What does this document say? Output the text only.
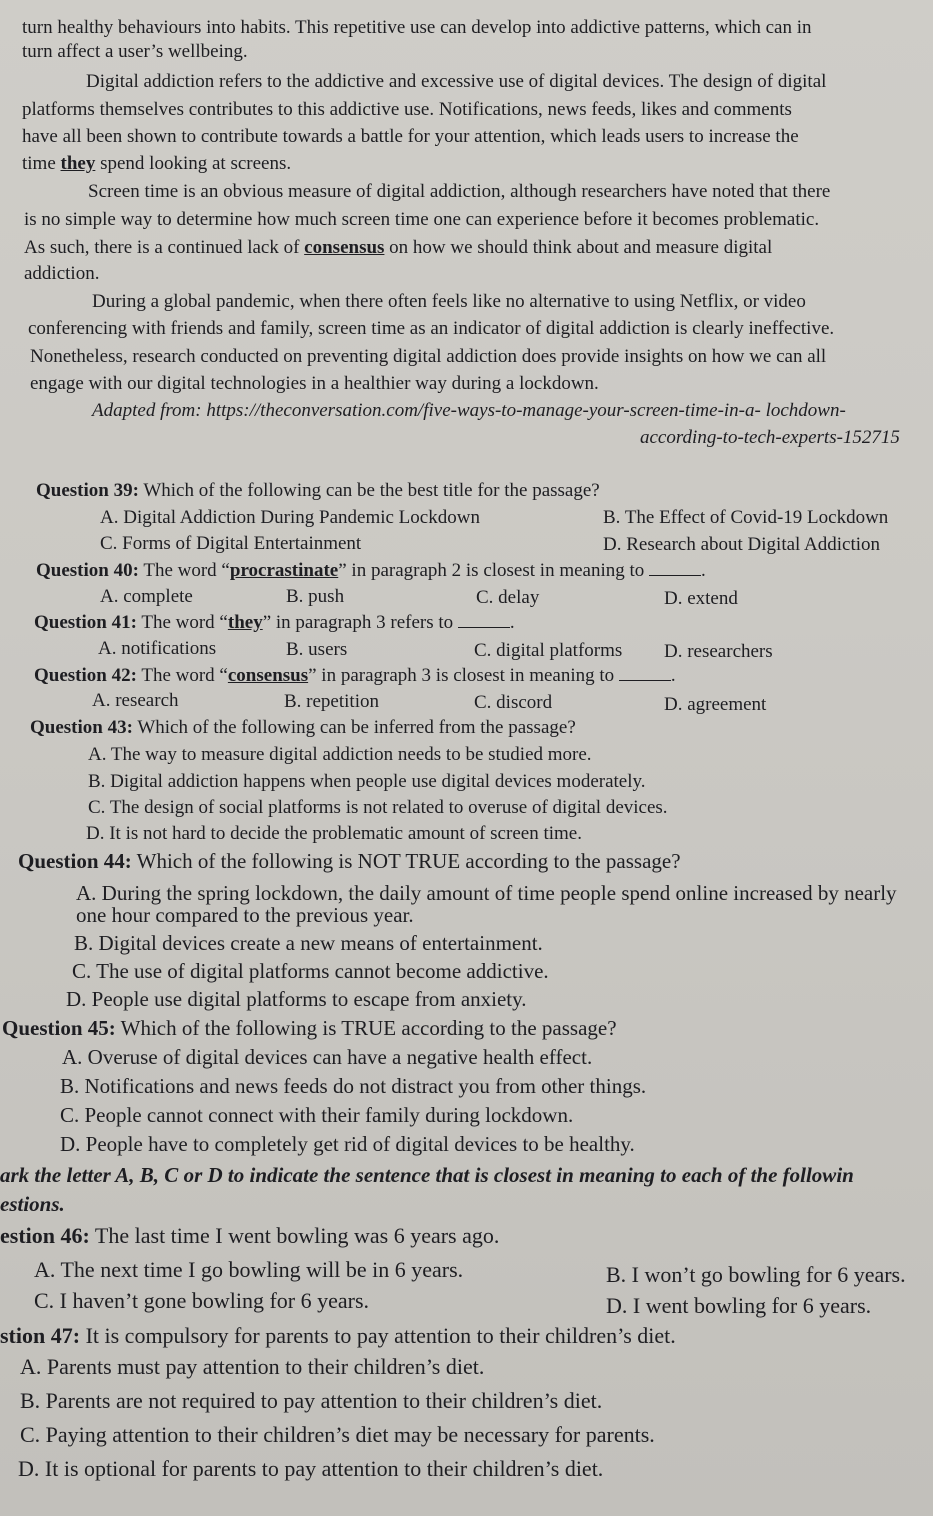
turn healthy behaviours into habits. This repetitive use can develop into addictive patterns, which can in
turn affect a user’s wellbeing.
Digital addiction refers to the addictive and excessive use of digital devices. The design of digital
platforms themselves contributes to this addictive use. Notifications, news feeds, likes and comments
have all been shown to contribute towards a battle for your attention, which leads users to increase the
time they spend looking at screens.
Screen time is an obvious measure of digital addiction, although researchers have noted that there
is no simple way to determine how much screen time one can experience before it becomes problematic.
As such, there is a continued lack of consensus on how we should think about and measure digital
addiction.
During a global pandemic, when there often feels like no alternative to using Netflix, or video
conferencing with friends and family, screen time as an indicator of digital addiction is clearly ineffective.
Nonetheless, research conducted on preventing digital addiction does provide insights on how we can all
engage with our digital technologies in a healthier way during a lockdown.
Adapted from: https://theconversation.com/five-ways-to-manage-your-screen-time-in-a- lochdown-
according-to-tech-experts-152715
Question 39: Which of the following can be the best title for the passage?
A. Digital Addiction During Pandemic Lockdown	B. The Effect of Covid-19 Lockdown
C. Forms of Digital Entertainment	D. Research about Digital Addiction
Question 40: The word “procrastinate” in paragraph 2 is closest in meaning to	.
A. complete	B. push	C. delay	D. extend
Question 41: The word “they” in paragraph 3 refers to	.
A. notifications	B. users	C. digital platforms D. researchers
Question 42: The word “consensus” in paragraph 3 is closest in meaning to	.
A. research	B. repetition	C. discord	D. agreement
Question 43: Which of the following can be inferred from the passage?
A. The way to measure digital addiction needs to be studied more.
B. Digital addiction happens when people use digital devices moderately.
C. The design of social platforms is not related to overuse of digital devices.
D. It is not hard to decide the problematic amount of screen time.
Question 44: Which of the following is NOT TRUE according to the passage?
A. During the spring lockdown, the daily amount of time people spend online increased by nearly
one hour compared to the previous year.
B. Digital devices create a new means of entertainment.
C. The use of digital platforms cannot become addictive.
D. People use digital platforms to escape from anxiety.
Question 45: Which of the following is TRUE according to the passage?
A. Overuse of digital devices can have a negative health effect.
B. Notifications and news feeds do not distract you from other things.
C. People cannot connect with their family during lockdown.
D. People have to completely get rid of digital devices to be healthy.
ark the letter A, B, C or D to indicate the sentence that is closest in meaning to each of the followin
estions.
estion 46: The last time I went bowling was 6 years ago.
A. The next time I go bowling will be in 6 years.	B. I won’t go bowling for 6 years.
C. I haven’t gone bowling for 6 years.	D. I went bowling for 6 years.
stion 47: It is compulsory for parents to pay attention to their children’s diet.
A. Parents must pay attention to their children’s diet.
B. Parents are not required to pay attention to their children’s diet.
C. Paying attention to their children’s diet may be necessary for parents.
D. It is optional for parents to pay attention to their children’s diet.
